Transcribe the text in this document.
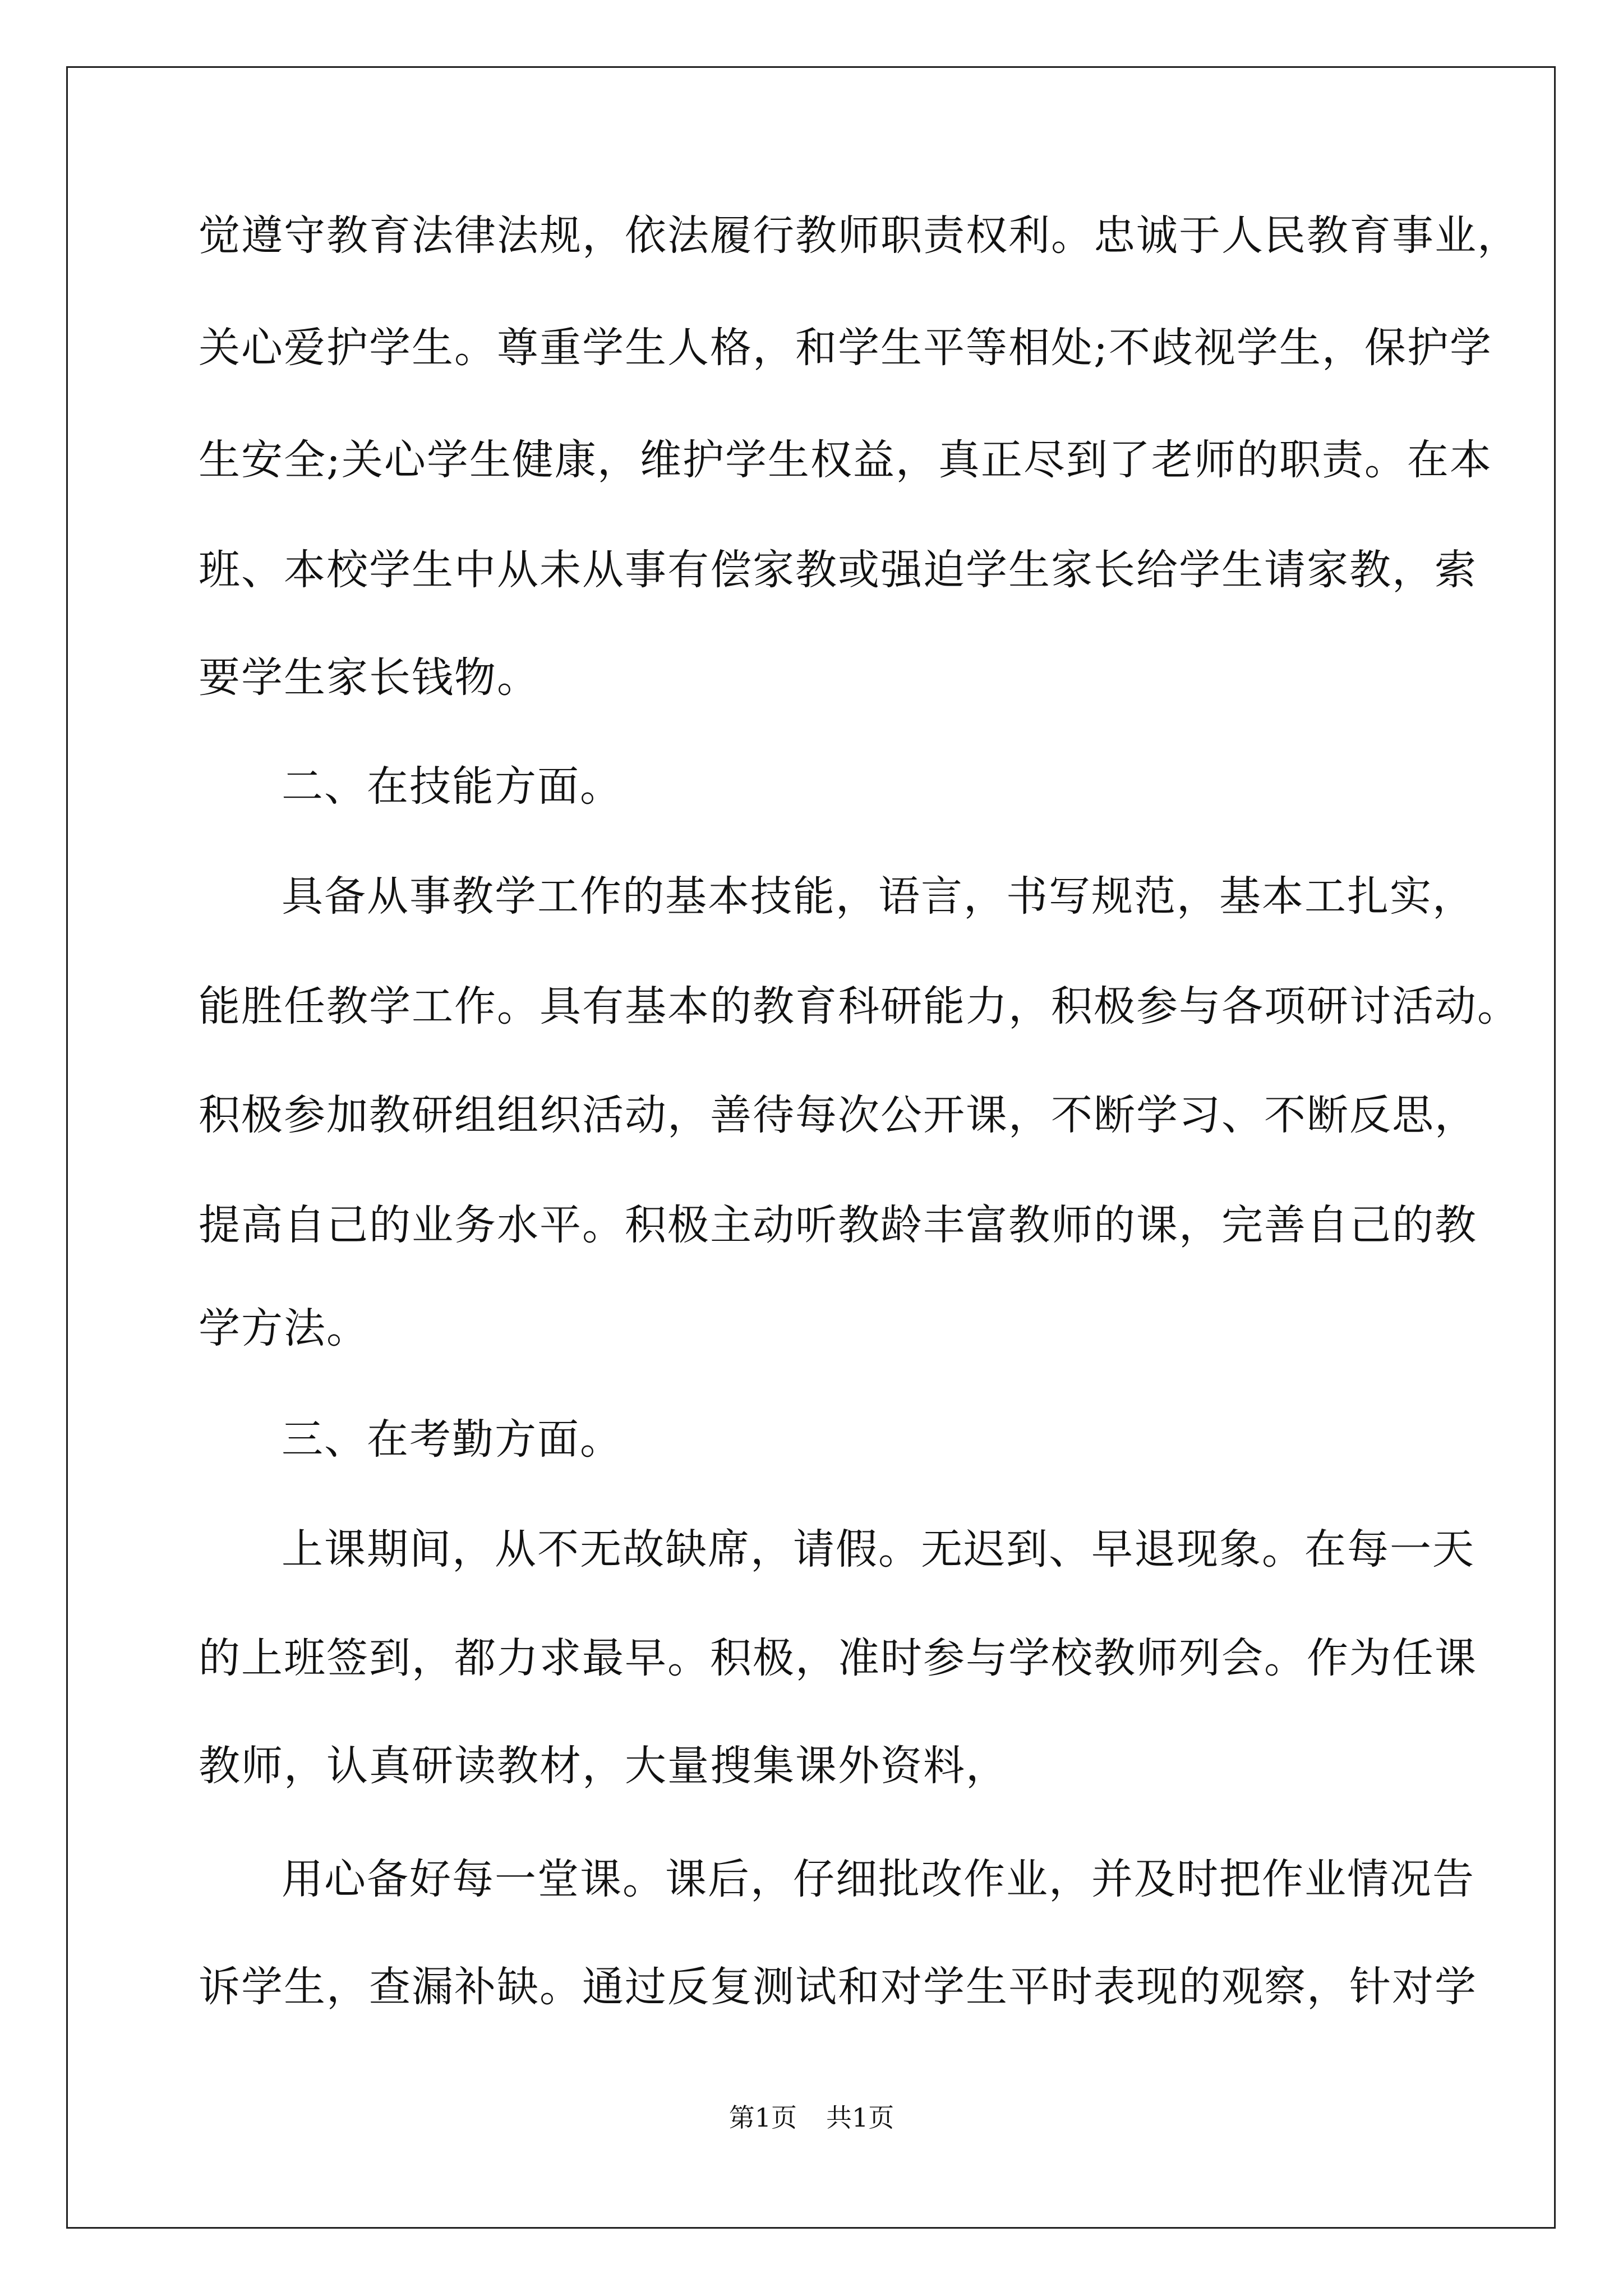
觉遵守教育法律法规，依法履行教师职责权利。忠诚于人民教育事业，
关心爱护学生。尊重学生人格，和学生平等相处;不歧视学生，保护学
生安全;关心学生健康，维护学生权益，真正尽到了老师的职责。在本
班、本校学生中从未从事有偿家教或强迫学生家长给学生请家教，索
要学生家长钱物。
二、在技能方面。
具备从事教学工作的基本技能，语言，书写规范，基本工扎实，
能胜任教学工作。具有基本的教育科研能力，积极参与各项研讨活动。
积极参加教研组组织活动，善待每次公开课，不断学习、不断反思，
提高自己的业务水平。积极主动听教龄丰富教师的课，完善自己的教
学方法。
三、在考勤方面。
上课期间，从不无故缺席，请假。无迟到、早退现象。在每一天
的上班签到，都力求最早。积极，准时参与学校教师列会。作为任课
教师，认真研读教材，大量搜集课外资料，
用心备好每一堂课。课后，仔细批改作业，并及时把作业情况告
诉学生，查漏补缺。通过反复测试和对学生平时表现的观察，针对学
第1页 共1页
